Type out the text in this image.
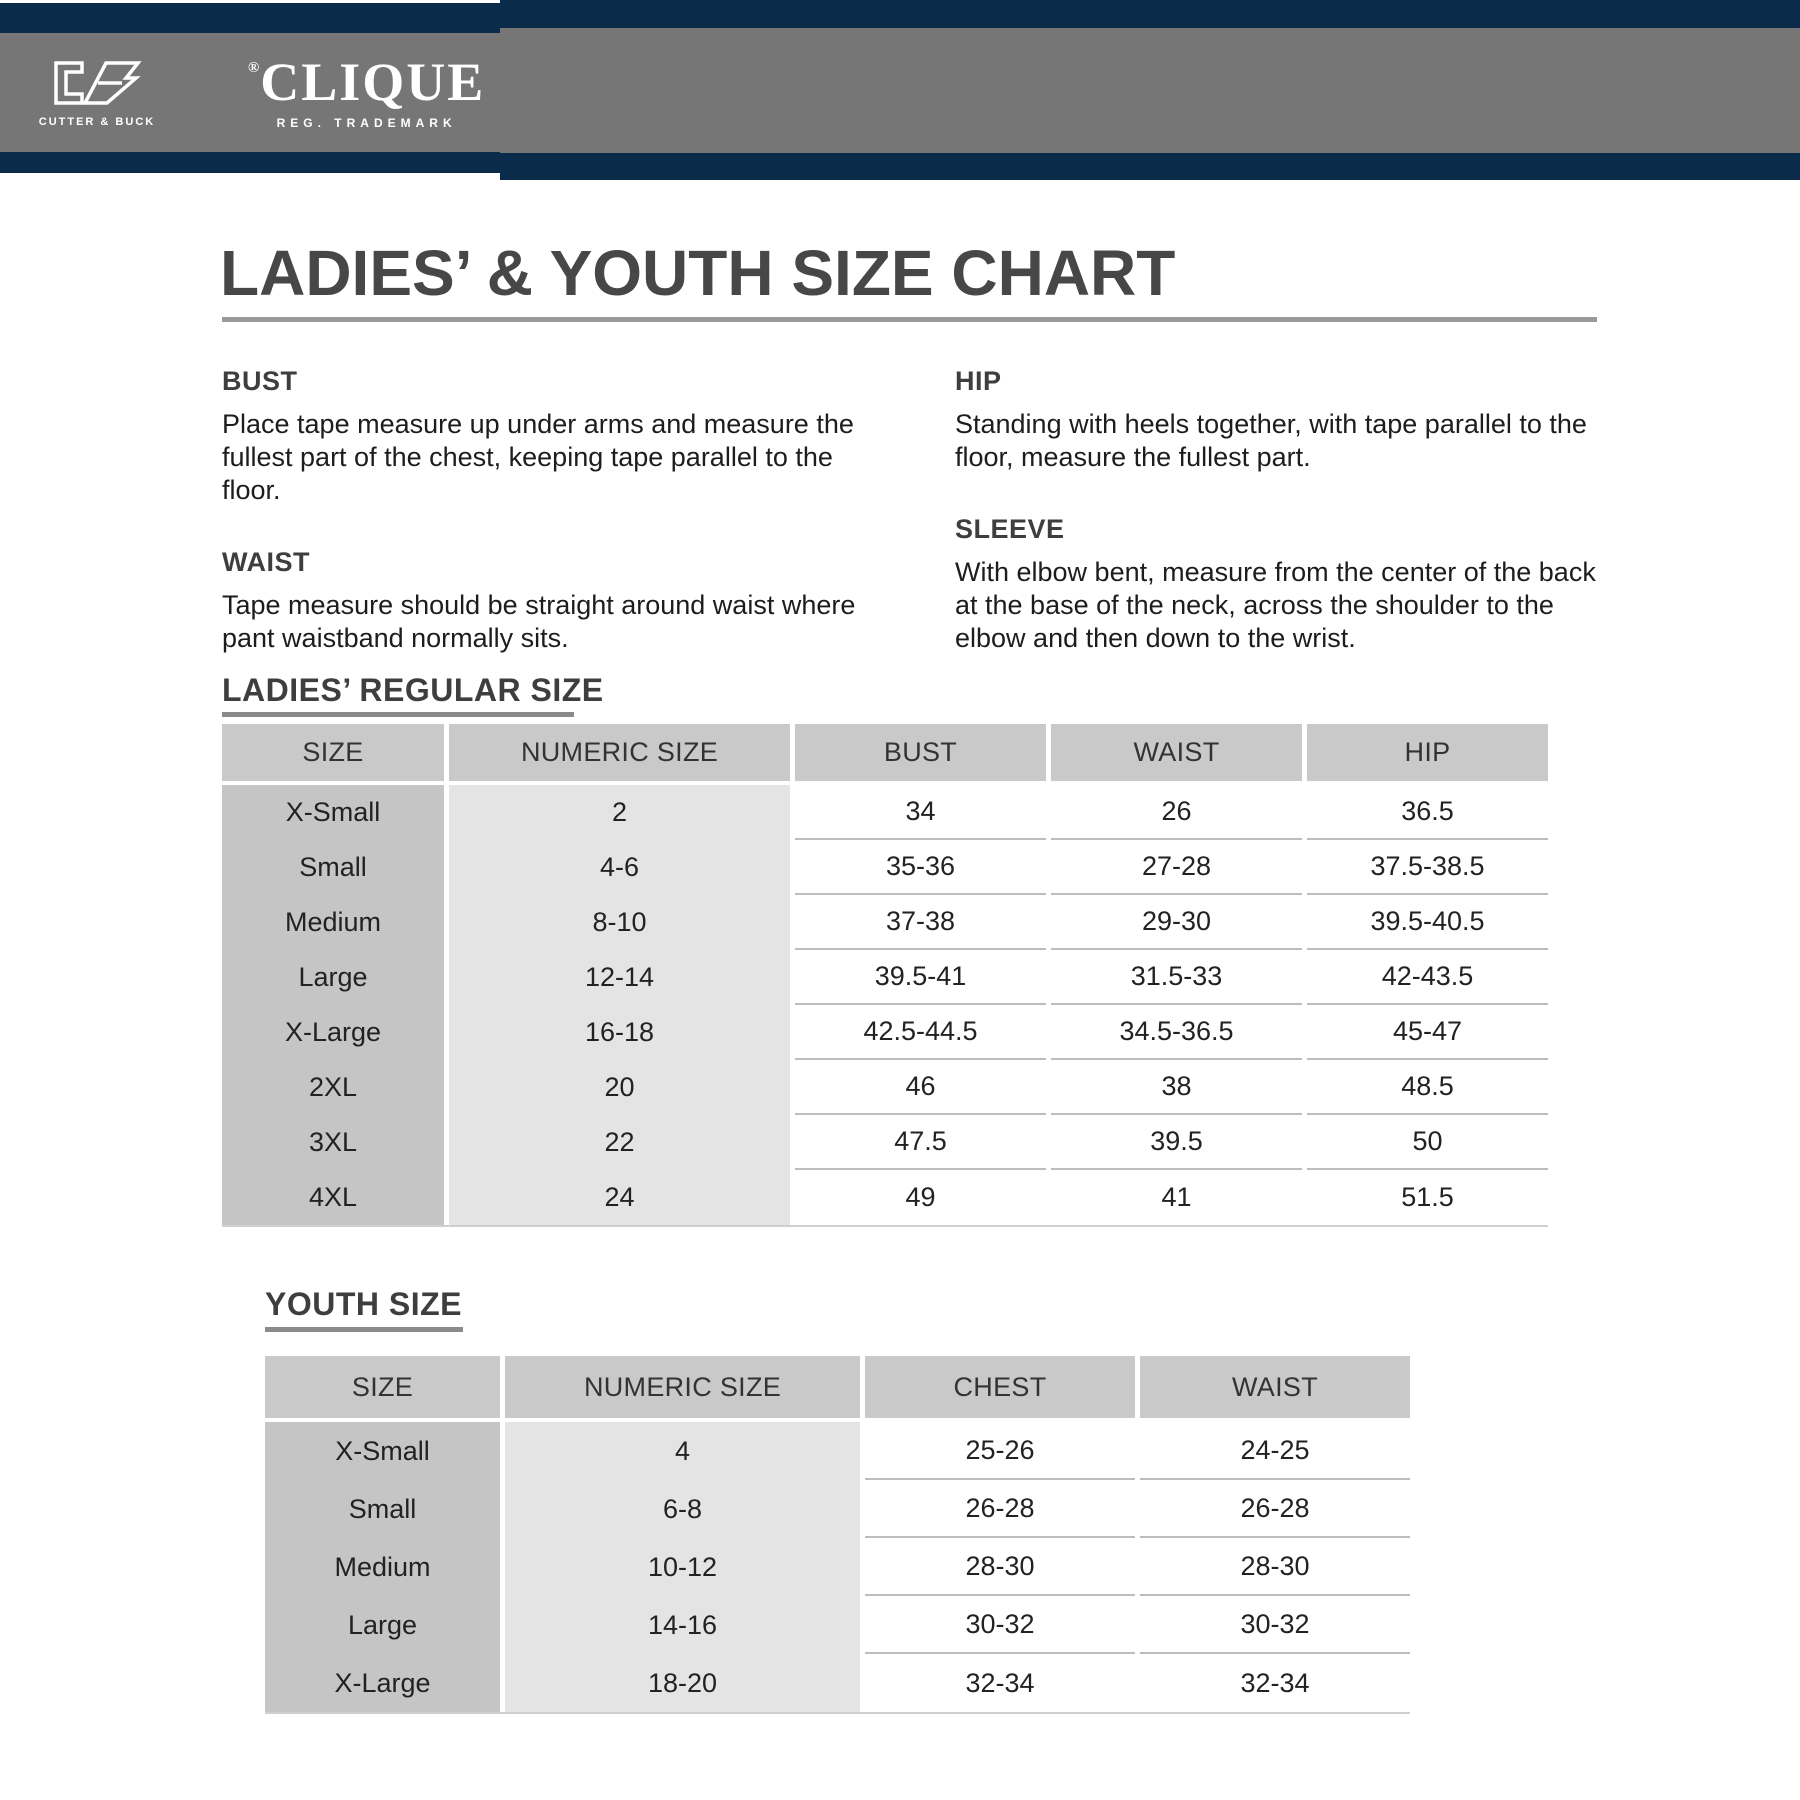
CUTTER & BUCK
®CLIQUE
REG. TRADEMARK
LADIES’ & YOUTH SIZE CHART
BUST

Place tape measure up under arms and measure the fullest part of the chest, keeping tape parallel to the floor.

WAIST

Tape measure should be straight around waist where pant waistband normally sits.

HIP

Standing with heels together, with tape parallel to the floor, measure the fullest part.

SLEEVE

With elbow bent, measure from the center of the back at the base of the neck, across the shoulder to the elbow and then down to the wrist.

LADIES’ REGULAR SIZE
SIZE	NUMERIC SIZE	BUST	WAIST	HIP
X-Small	2	34	26	36.5
Small	4-6	35-36	27-28	37.5-38.5
Medium	8-10	37-38	29-30	39.5-40.5
Large	12-14	39.5-41	31.5-33	42-43.5
X-Large	16-18	42.5-44.5	34.5-36.5	45-47
2XL	20	46	38	48.5
3XL	22	47.5	39.5	50
4XL	24	49	41	51.5
YOUTH SIZE
SIZE	NUMERIC SIZE	CHEST	WAIST
X-Small	4	25-26	24-25
Small	6-8	26-28	26-28
Medium	10-12	28-30	28-30
Large	14-16	30-32	30-32
X-Large	18-20	32-34	32-34
